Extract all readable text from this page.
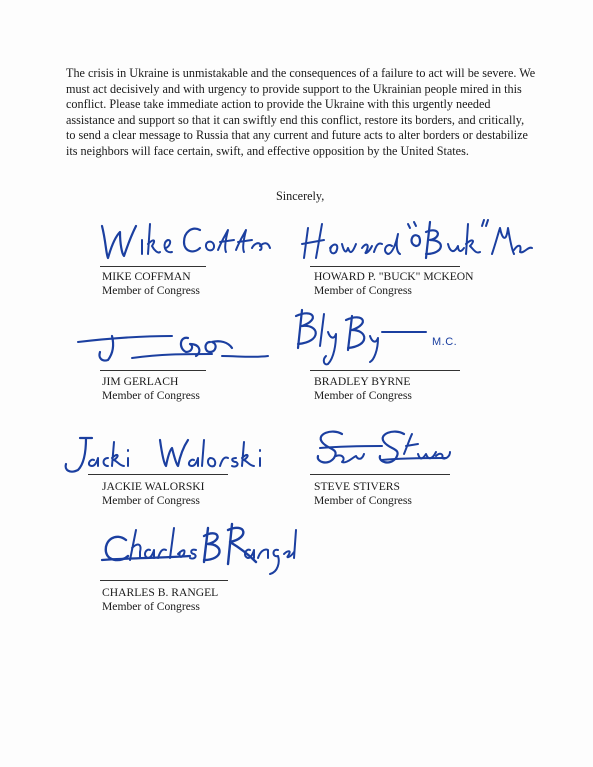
The crisis in Ukraine is unmistakable and the consequences of a failure to act will be severe. We must act decisively and with urgency to provide support to the Ukrainian people mired in this conflict. Please take immediate action to provide the Ukraine with this urgently needed assistance and support so that it can swiftly end this conflict, restore its borders, and critically, to send a clear message to Russia that any current and future acts to alter borders or destabilize its neighbors will face certain, swift, and effective opposition by the United States.

Sincerely,
MIKE COFFMAN
Member of Congress
HOWARD P. "BUCK" MCKEON
Member of Congress
JIM GERLACH
Member of Congress
M.C.
BRADLEY BYRNE
Member of Congress
JACKIE WALORSKI
Member of Congress
STEVE STIVERS
Member of Congress
CHARLES B. RANGEL
Member of Congress
